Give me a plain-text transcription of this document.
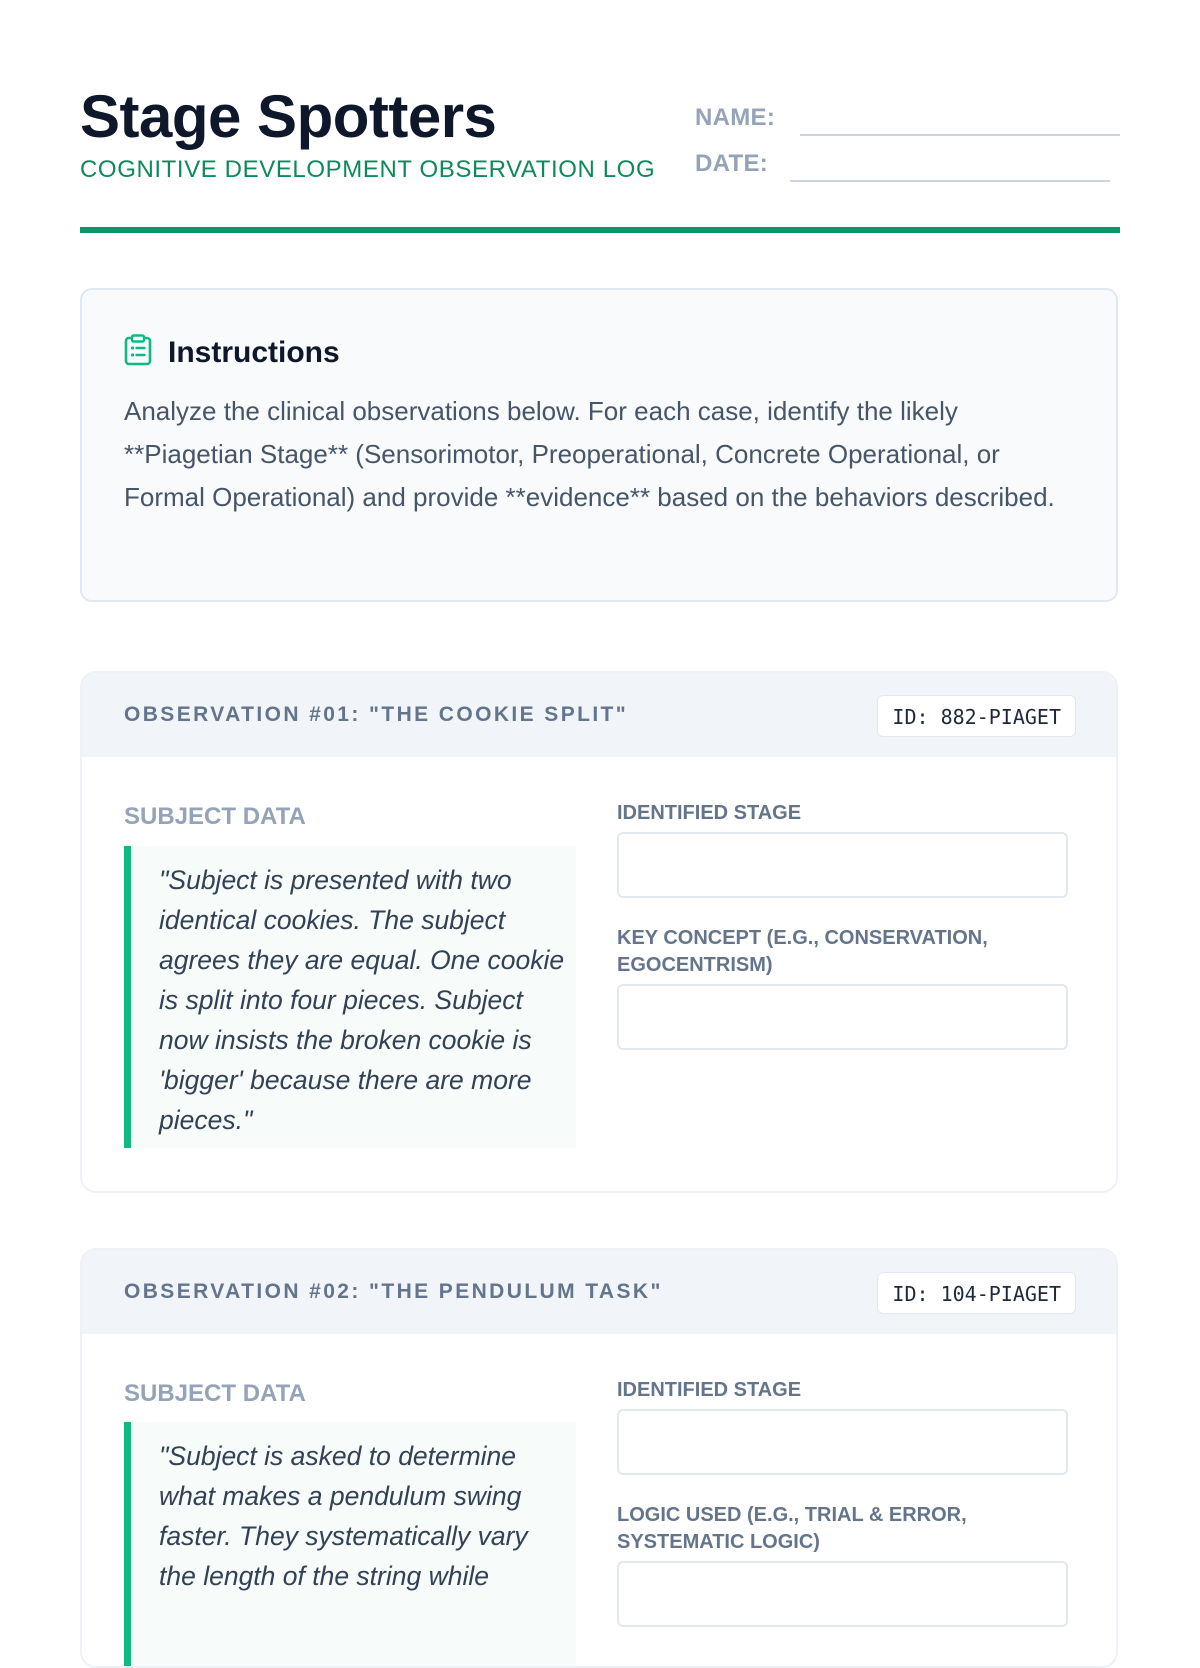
Stage Spotters
COGNITIVE DEVELOPMENT OBSERVATION LOG
NAME:
DATE:
Instructions

Analyze the clinical observations below. For each case, identify the likely **Piagetian Stage** (Sensorimotor, Preoperational, Concrete Operational, or Formal Operational) and provide **evidence** based on the behaviors described.

OBSERVATION #01: "THE COOKIE SPLIT"	ID: 882-PIAGET
SUBJECT DATA
"Subject is presented with two identical cookies. The subject agrees they are equal. One cookie is split into four pieces. Subject now insists the broken cookie is 'bigger' because there are more pieces."
IDENTIFIED STAGE
KEY CONCEPT (E.G., CONSERVATION, EGOCENTRISM)
OBSERVATION #02: "THE PENDULUM TASK"	ID: 104-PIAGET
SUBJECT DATA
"Subject is asked to determine what makes a pendulum swing faster. They systematically vary the length of the string while
IDENTIFIED STAGE
LOGIC USED (E.G., TRIAL & ERROR, SYSTEMATIC LOGIC)
